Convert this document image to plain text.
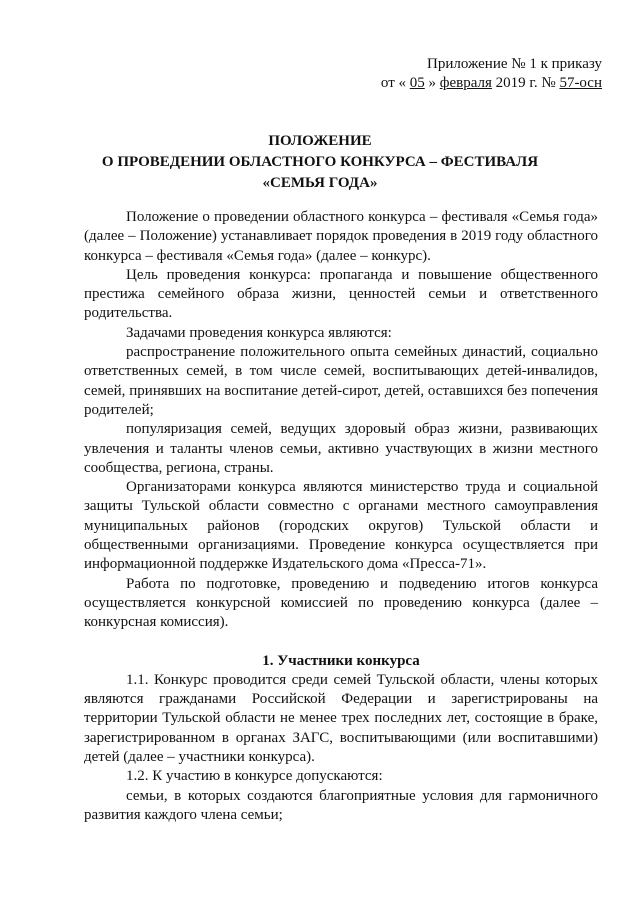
Приложение № 1 к приказу
от « 05 » февраля 2019 г. № 57-осн
ПОЛОЖЕНИЕ
О ПРОВЕДЕНИИ ОБЛАСТНОГО КОНКУРСА – ФЕСТИВАЛЯ
«СЕМЬЯ ГОДА»

Положение о проведении областного конкурса – фестиваля «Семья года» (далее – Положение) устанавливает порядок проведения в 2019 году областного конкурса – фестиваля «Семья года» (далее – конкурс).

Цель проведения конкурса: пропаганда и повышение общественного престижа семейного образа жизни, ценностей семьи и ответственного родительства.

Задачами проведения конкурса являются:

распространение положительного опыта семейных династий, социально ответственных семей, в том числе семей, воспитывающих детей-инвалидов, семей, принявших на воспитание детей-сирот, детей, оставшихся без попечения родителей;

популяризация семей, ведущих здоровый образ жизни, развивающих увлечения и таланты членов семьи, активно участвующих в жизни местного сообщества, региона, страны.

Организаторами конкурса являются министерство труда и социальной защиты Тульской области совместно с органами местного самоуправления муниципальных районов (городских округов) Тульской области и общественными организациями. Проведение конкурса осуществляется при информационной поддержке Издательского дома «Пресса-71».

Работа по подготовке, проведению и подведению итогов конкурса осуществляется конкурсной комиссией по проведению конкурса (далее – конкурсная комиссия).

1. Участники конкурса

1.1. Конкурс проводится среди семей Тульской области, члены которых являются гражданами Российской Федерации и зарегистрированы на территории Тульской области не менее трех последних лет, состоящие в браке, зарегистрированном в органах ЗАГС, воспитывающими (или воспитавшими) детей (далее – участники конкурса).

1.2. К участию в конкурсе допускаются:

семьи, в которых создаются благоприятные условия для гармоничного развития каждого члена семьи;
